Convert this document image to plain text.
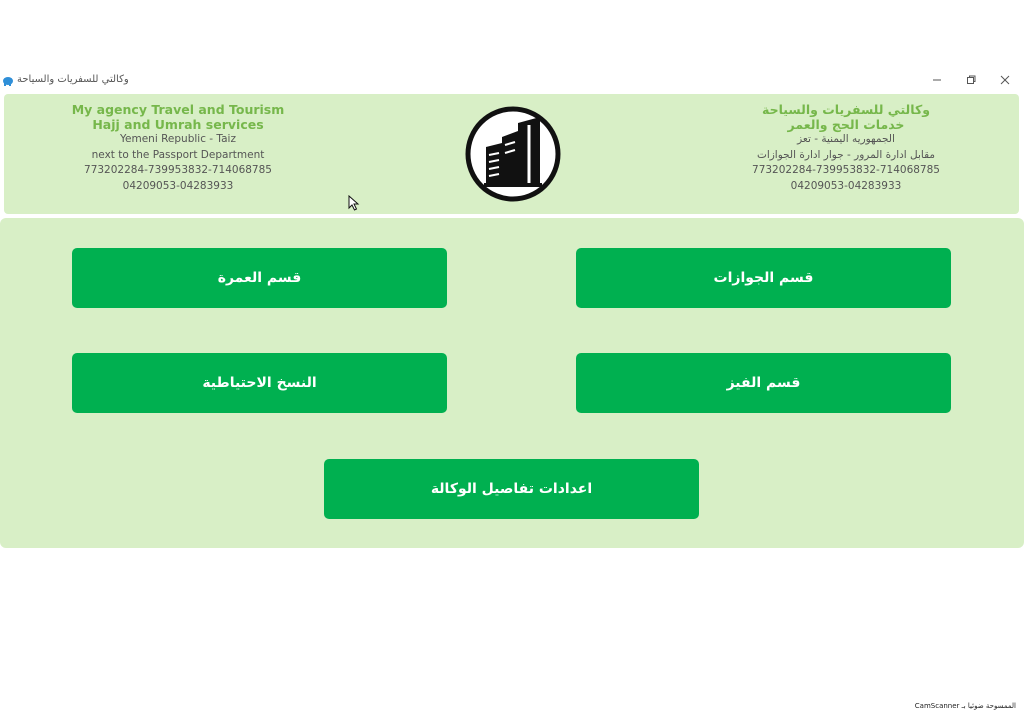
وكالتي للسفريات والسياحة
My agency Travel and Tourism
Hajj and Umrah services
Yemeni Republic - Taiz
next to the Passport Department
773202284-739953832-714068785
04209053-04283933
وكالتي للسفريات والسياحة
خدمات الحج والعمر
الجمهوريه اليمنية - تعز
مقابل ادارة المرور - جوار ادارة الجوازات
773202284-739953832-714068785
04209053-04283933
قسم العمرة	قسم الجوازات
النسخ الاحتياطية	قسم الفيز
اعدادات تفاصيل الوكالة
CamScanner الممسوحة ضوئيا بـ
